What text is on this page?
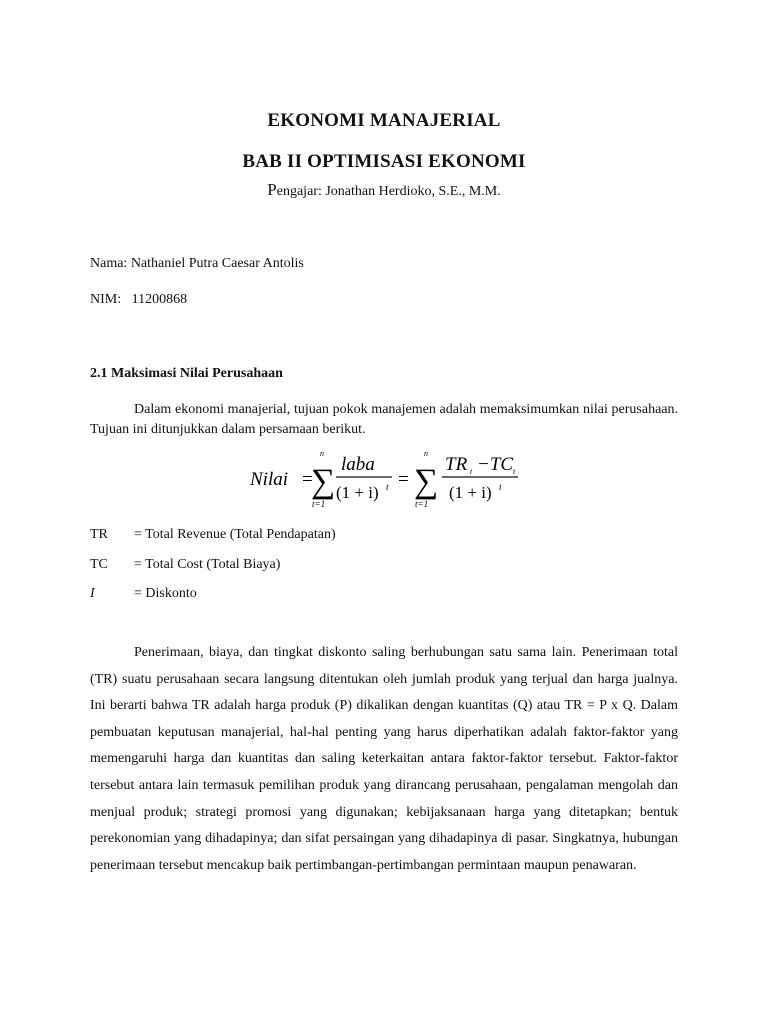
EKONOMI MANAJERIAL
BAB II OPTIMISASI EKONOMI
Pengajar: Jonathan Herdioko, S.E., M.M.
Nama: Nathaniel Putra Caesar Antolis
NIM:   11200868
2.1 Maksimasi Nilai Perusahaan
Dalam ekonomi manajerial, tujuan pokok manajemen adalah memaksimumkan nilai perusahaan. Tujuan ini ditunjukkan dalam persamaan berikut.
Nilai =
n
∑
t=1
laba
(1 + i) t =
n
∑
t=1
TR t −TC t
(1 + i) t
TR = Total Revenue (Total Pendapatan)
TC = Total Cost (Total Biaya)
I	= Diskonto
Penerimaan, biaya, dan tingkat diskonto saling berhubungan satu sama lain. Penerimaan total (TR) suatu perusahaan secara langsung ditentukan oleh jumlah produk yang terjual dan harga jualnya. Ini berarti bahwa TR adalah harga produk (P) dikalikan dengan kuantitas (Q) atau TR = P x Q. Dalam pembuatan keputusan manajerial, hal-hal penting yang harus diperhatikan adalah faktor-faktor yang memengaruhi harga dan kuantitas dan saling keterkaitan antara faktor-faktor tersebut. Faktor-faktor tersebut antara lain termasuk pemilihan produk yang dirancang perusahaan, pengalaman mengolah dan menjual produk; strategi promosi yang digunakan; kebijaksanaan harga yang ditetapkan; bentuk perekonomian yang dihadapinya; dan sifat persaingan yang dihadapinya di pasar. Singkatnya, hubungan penerimaan tersebut mencakup baik pertimbangan-pertimbangan permintaan maupun penawaran.
